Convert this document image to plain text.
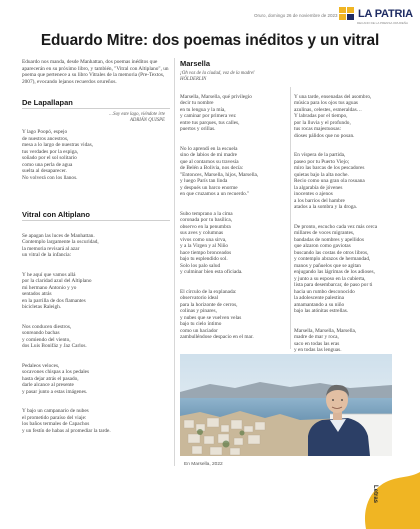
Oruro, domingo 26 de noviembre de 2023 LA PATRIA
DECANO DE LA PRENSA ORUREÑA
Eduardo Mitre: dos poemas inéditos y un vitral
Eduardo nos manda, desde Manhattan, dos poemas inéditos que aparecerán en su próximo libro, y también, "Vitral con Altiplano", un poema que pertenece a su libro Vitrales de la memoria (Pre-Textos, 2007), evocando lejanos recuerdos orureños.
De Lapallapan
…Soy este lago, viéndote irte
ADRIÁN QUISPE
Y lago Poopó, espejo
de nuestros ancestros,
mesa a lo largo de nuestras vidas,
tus verdades por la espiga,
soñado por el sol solitario
como una perla de agua
suelta al desaparecer.
No volverá con los llanos.
Vitral con Altiplano

Se apagan las luces de Manhattan.
Contemplo largamente la oscuridad,
la memoria revisará al azar
un vitral de la infancia:

Y he aquí que vamos allá
por la claridad azul del Altiplano
mi hermano Antonio y yo
sentados atrás
en la parrilla de dos flamantes
bicicletas Raleigh.

Nos conducen diestros,
sonreando bachas
y comiendo del viento,
dos Luis Bonifáz y Jaz Carlos.

Pedaleos veloces,
socavones chispas a los pedales
hasta dejar atrás el pasado,
darle alcance al presente
y pasar junto a estas imágenes.

Y bajo un campanario de nubes
el prometido paraíso del viaje:
los baños termales de Capachos
y un festín de habas al promediar la tarde.

Marsella
¡Oh voz de la ciudad, voz de la madre!
HÖLDERLIN

Marsella, Marsella, qué privilegio
decir tu nombre
en tu lengua y la mía,
y caminar por primera vez
entre tus parques, tus calles,
puertos y orillas.

No lo aprendí en la escuela
sino de labios de mi madre
que al contarnos su travesía
de Belén a Bolivia, nos decía:
"Entonces, Marsella, hijos, Marsella,
y luego París tan linda
y después un barco enorme
en que cruzamos a un recuerdo."

Subo temprano a la cima
coronada por tu basílica,
observo en la penumbra
sus aves y columnas
vivos como una sirva,
y a la Virgen y al Niño
hace tiempo bronceados
bajo tu esplendido sol.
Solo los palo salud
y culminar bien esta oficiada.

El círculo de la explanada:
observatorio ideal
para la horizonte de cerros,
colinas y pinares,
y nubes que se vuelven velas
bajo tu cielo íntimo
como un haciador
zambulléndose despacio en el mar.

Y una tarde, ensenadas del asombro,
música para los ojos tus aguas
azulinas, celestes, esmeraldas…
Y labradas por el tiempo,
por la lluvia y el profundo,
tus rocas majestuosas:
dioses pálidos que no posan.

En víspera de la partida,
paseo por tu Puerto Viejo;
miro las barcas de los pescadores
quietas bajo la alta noche.
Recio como una gran ola rosuana
la algarabía de jóvenes
inocentes o ajenos
a los barrios del hambre
atados a la sombra y la droga.

De pronto, escucho cada vez más cerca
millares de voces migrantes,
bandadas de nombres y apellidos
que alzaron como gaviotas
buscando las costas de otros libros,
y contemplo abrazos de hermandad,
manos y pañuelos que se agitan
enjugando las lágrimas de los adioses,
y junto a su esposo en la cubierta,
lista para desembarcar, de paso por ti
hacia un rumbo desconocido
la adolescente palestina
amamantando a su niño
bajo las atónitas estrellas.

Marsella, Marsella, Marsella,
madre de mar y roca,
saco en todas las eras
y en todas las lenguas.

En Marsella, 2022
3 Letras
